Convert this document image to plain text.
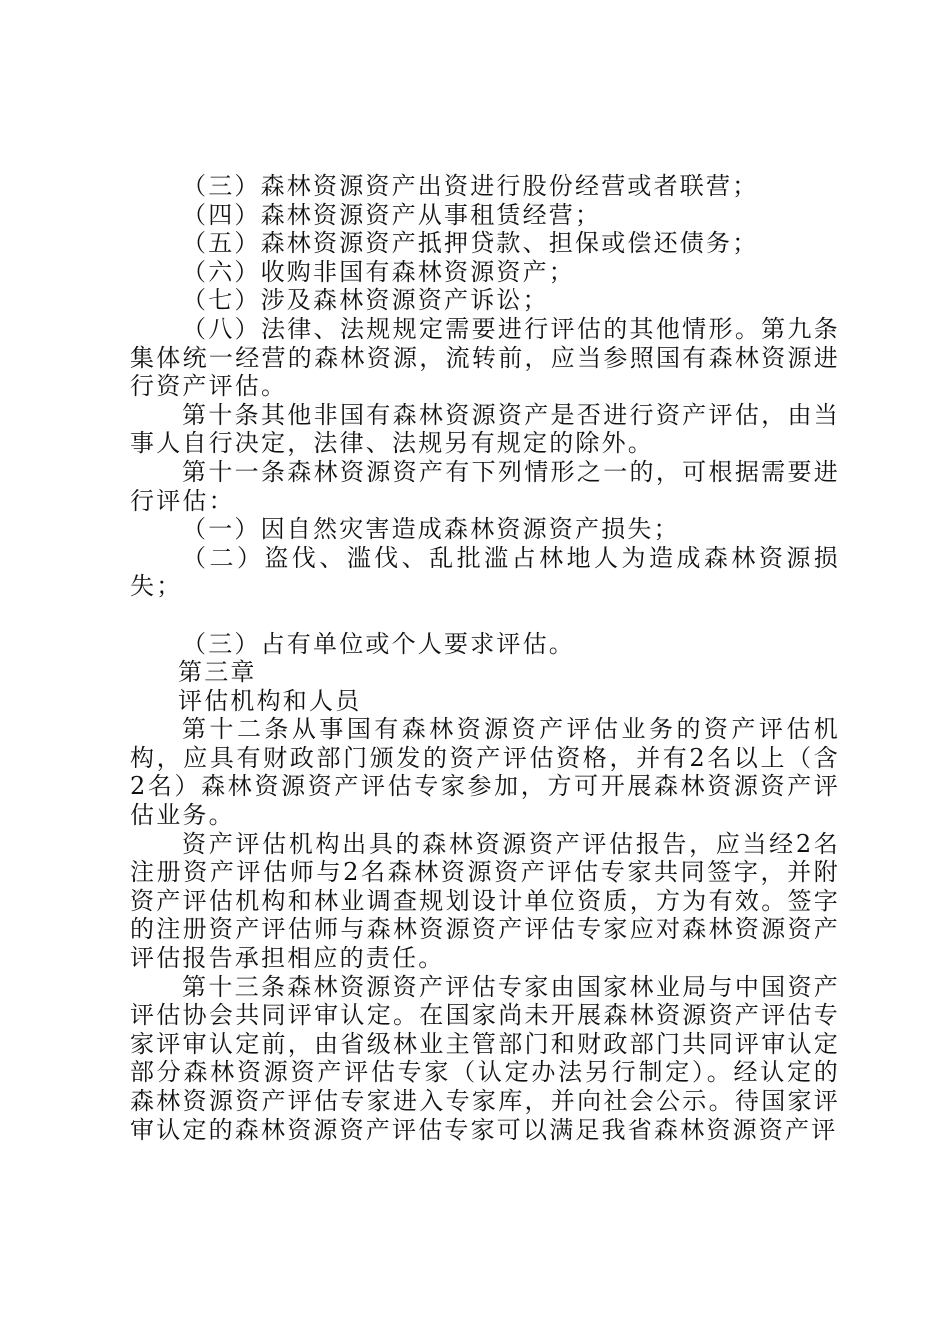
（三）森林资源资产出资进行股份经营或者联营；

（四）森林资源资产从事租赁经营；

（五）森林资源资产抵押贷款、担保或偿还债务；

（六）收购非国有森林资源资产；

（七）涉及森林资源资产诉讼；

（八）法律、法规规定需要进行评估的其他情形。第九条集体统一经营的森林资源，流转前，应当参照国有森林资源进行资产评估。

第十条其他非国有森林资源资产是否进行资产评估，由当事人自行决定，法律、法规另有规定的除外。

第十一条森林资源资产有下列情形之一的，可根据需要进行评估：

（一）因自然灾害造成森林资源资产损失；

（二）盗伐、滥伐、乱批滥占林地人为造成森林资源损失；

（三）占有单位或个人要求评估。

第三章

评估机构和人员

第十二条从事国有森林资源资产评估业务的资产评估机构，应具有财政部门颁发的资产评估资格，并有2名以上（含2名）森林资源资产评估专家参加，方可开展森林资源资产评估业务。

资产评估机构出具的森林资源资产评估报告，应当经2名注册资产评估师与2名森林资源资产评估专家共同签字，并附资产评估机构和林业调查规划设计单位资质，方为有效。签字的注册资产评估师与森林资源资产评估专家应对森林资源资产评估报告承担相应的责任。

第十三条森林资源资产评估专家由国家林业局与中国资产评估协会共同评审认定。在国家尚未开展森林资源资产评估专家评审认定前，由省级林业主管部门和财政部门共同评审认定部分森林资源资产评估专家（认定办法另行制定）。经认定的森林资源资产评估专家进入专家库，并向社会公示。待国家评审认定的森林资源资产评估专家可以满足我省森林资源资产评
